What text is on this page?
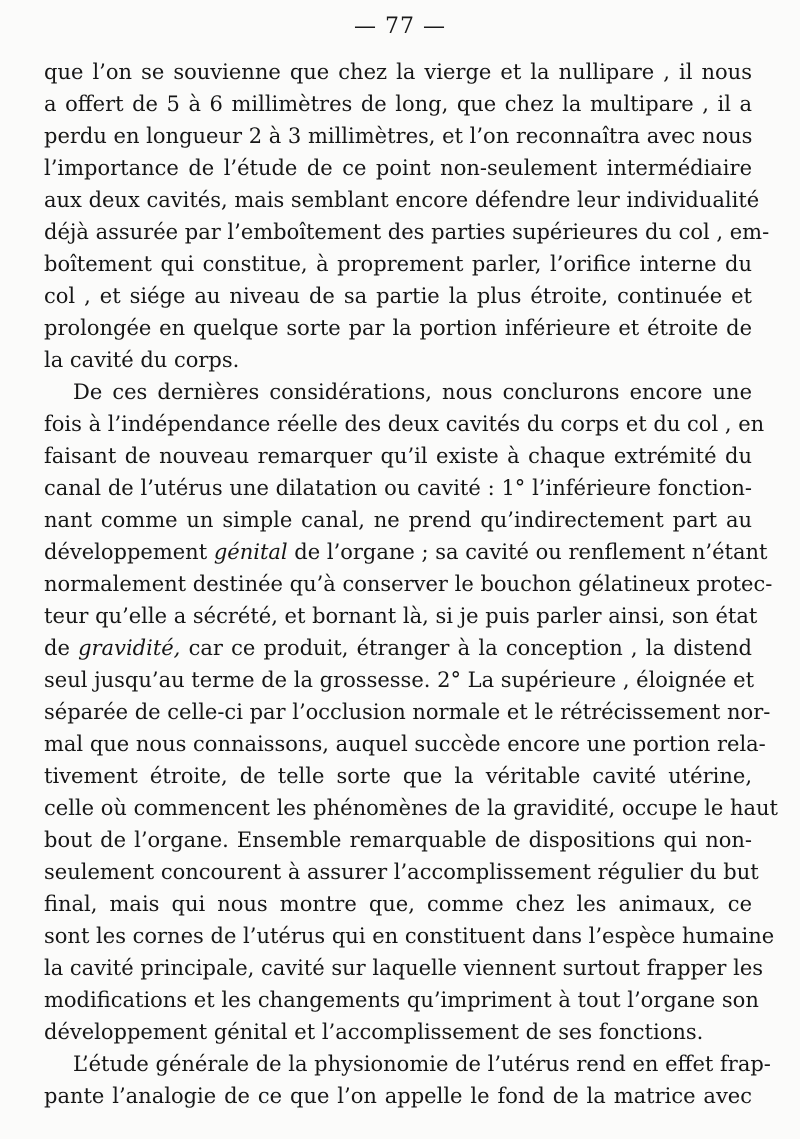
— 77 —
que l’on se souvienne que chez la vierge et la nullipare , il nous
a offert de 5 à 6 millimètres de long, que chez la multipare , il a
perdu en longueur 2 à 3 millimètres, et l’on reconnaîtra avec nous
l’importance de l’étude de ce point non-seulement intermédiaire
aux deux cavités, mais semblant encore défendre leur individualité
déjà assurée par l’emboîtement des parties supérieures du col , em-
boîtement qui constitue, à proprement parler, l’orifice interne du
col , et siége au niveau de sa partie la plus étroite, continuée et
prolongée en quelque sorte par la portion inférieure et étroite de
la cavité du corps.
De ces dernières considérations, nous conclurons encore une
fois à l’indépendance réelle des deux cavités du corps et du col , en
faisant de nouveau remarquer qu’il existe à chaque extrémité du
canal de l’utérus une dilatation ou cavité : 1° l’inférieure fonction-
nant comme un simple canal, ne prend qu’indirectement part au
développement génital de l’organe ; sa cavité ou renflement n’étant
normalement destinée qu’à conserver le bouchon gélatineux protec-
teur qu’elle a sécrété, et bornant là, si je puis parler ainsi, son état
de gravidité, car ce produit, étranger à la conception , la distend
seul jusqu’au terme de la grossesse. 2° La supérieure , éloignée et
séparée de celle-ci par l’occlusion normale et le rétrécissement nor-
mal que nous connaissons, auquel succède encore une portion rela-
tivement étroite, de telle sorte que la véritable cavité utérine,
celle où commencent les phénomènes de la gravidité, occupe le haut
bout de l’organe. Ensemble remarquable de dispositions qui non-
seulement concourent à assurer l’accomplissement régulier du but
final, mais qui nous montre que, comme chez les animaux, ce
sont les cornes de l’utérus qui en constituent dans l’espèce humaine
la cavité principale, cavité sur laquelle viennent surtout frapper les
modifications et les changements qu’impriment à tout l’organe son
développement génital et l’accomplissement de ses fonctions.
L’étude générale de la physionomie de l’utérus rend en effet frap-
pante l’analogie de ce que l’on appelle le fond de la matrice avec
